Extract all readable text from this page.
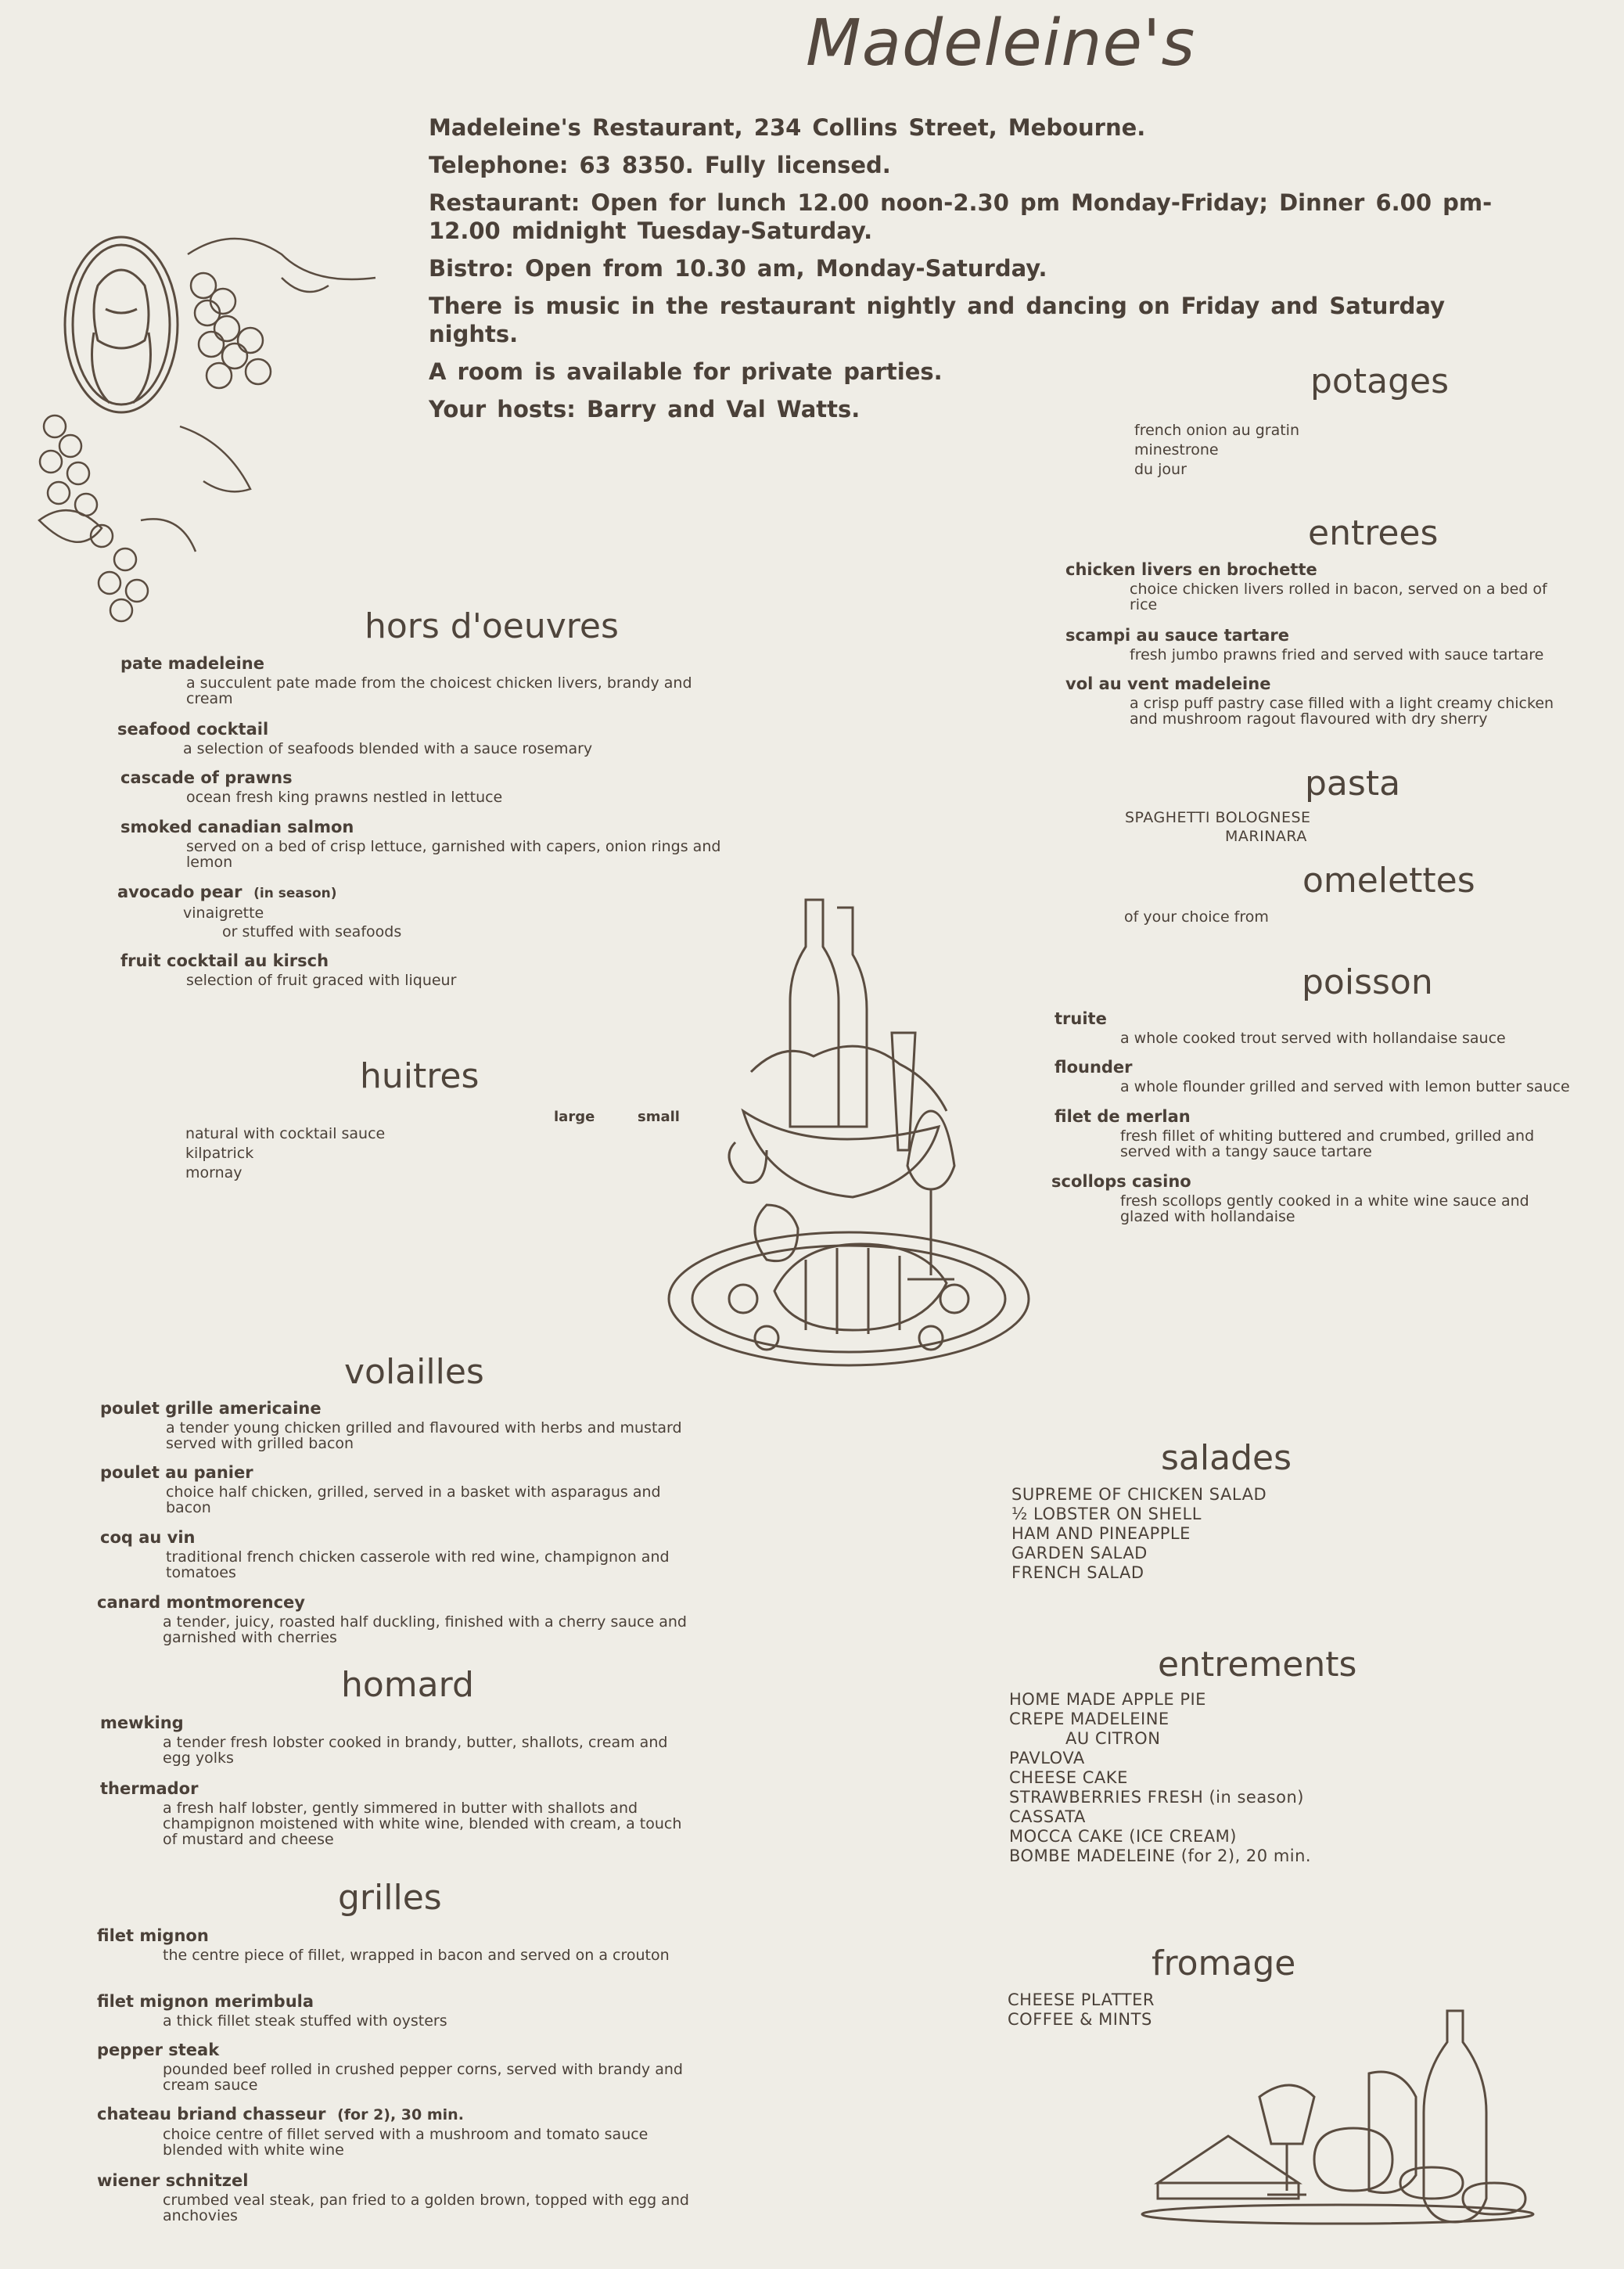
Madeleine's
Madeleine's Restaurant, 234 Collins Street, Mebourne.
Telephone: 63 8350. Fully licensed.
Restaurant: Open for lunch 12.00 noon-2.30 pm Monday-Friday; Dinner 6.00 pm-12.00 midnight Tuesday-Saturday.
Bistro: Open from 10.30 am, Monday-Saturday.
There is music in the restaurant nightly and dancing on Friday and Saturday nights.
A room is available for private parties.
Your hosts: Barry and Val Watts.
hors d'oeuvres
pate madeleine
a succulent pate made from the choicest chicken livers, brandy and cream
seafood cocktail
a selection of seafoods blended with a sauce rosemary
cascade of prawns
ocean fresh king prawns nestled in lettuce
smoked canadian salmon
served on a bed of crisp lettuce, garnished with capers, onion rings and lemon
avocado pear (in season)
vinaigrette
or stuffed with seafoods
fruit cocktail au kirsch
selection of fruit graced with liqueur
huitres
large	small
natural with cocktail sauce
kilpatrick
mornay
volailles
poulet grille americaine
a tender young chicken grilled and flavoured with herbs and mustard served with grilled bacon
poulet au panier
choice half chicken, grilled, served in a basket with asparagus and bacon
coq au vin
traditional french chicken casserole with red wine, champignon and tomatoes
canard montmorencey
a tender, juicy, roasted half duckling, finished with a cherry sauce and garnished with cherries
homard
mewking
a tender fresh lobster cooked in brandy, butter, shallots, cream and egg yolks
thermador
a fresh half lobster, gently simmered in butter with shallots and champignon moistened with white wine, blended with cream, a touch of mustard and cheese
grilles
filet mignon
the centre piece of fillet, wrapped in bacon and served on a crouton
filet mignon merimbula
a thick fillet steak stuffed with oysters
pepper steak
pounded beef rolled in crushed pepper corns, served with brandy and cream sauce
chateau briand chasseur (for 2), 30 min.
choice centre of fillet served with a mushroom and tomato sauce blended with white wine
wiener schnitzel
crumbed veal steak, pan fried to a golden brown, topped with egg and anchovies
potages
french onion au gratin
minestrone
du jour
entrees
chicken livers en brochette
choice chicken livers rolled in bacon, served on a bed of rice
scampi au sauce tartare
fresh jumbo prawns fried and served with sauce tartare
vol au vent madeleine
a crisp puff pastry case filled with a light creamy chicken and mushroom ragout flavoured with dry sherry
pasta
SPAGHETTI BOLOGNESE
MARINARA
omelettes
of your choice from
poisson
truite
a whole cooked trout served with hollandaise sauce
flounder
a whole flounder grilled and served with lemon butter sauce
filet de merlan
fresh fillet of whiting buttered and crumbed, grilled and served with a tangy sauce tartare
scollops casino
fresh scollops gently cooked in a white wine sauce and glazed with hollandaise
salades
SUPREME OF CHICKEN SALAD
½ LOBSTER ON SHELL
HAM AND PINEAPPLE
GARDEN SALAD
FRENCH SALAD
entrements
HOME MADE APPLE PIE
CREPE MADELEINE
AU CITRON
PAVLOVA
CHEESE CAKE
STRAWBERRIES FRESH (in season)
CASSATA
MOCCA CAKE (ICE CREAM)
BOMBE MADELEINE (for 2), 20 min.
fromage
CHEESE PLATTER
COFFEE & MINTS
